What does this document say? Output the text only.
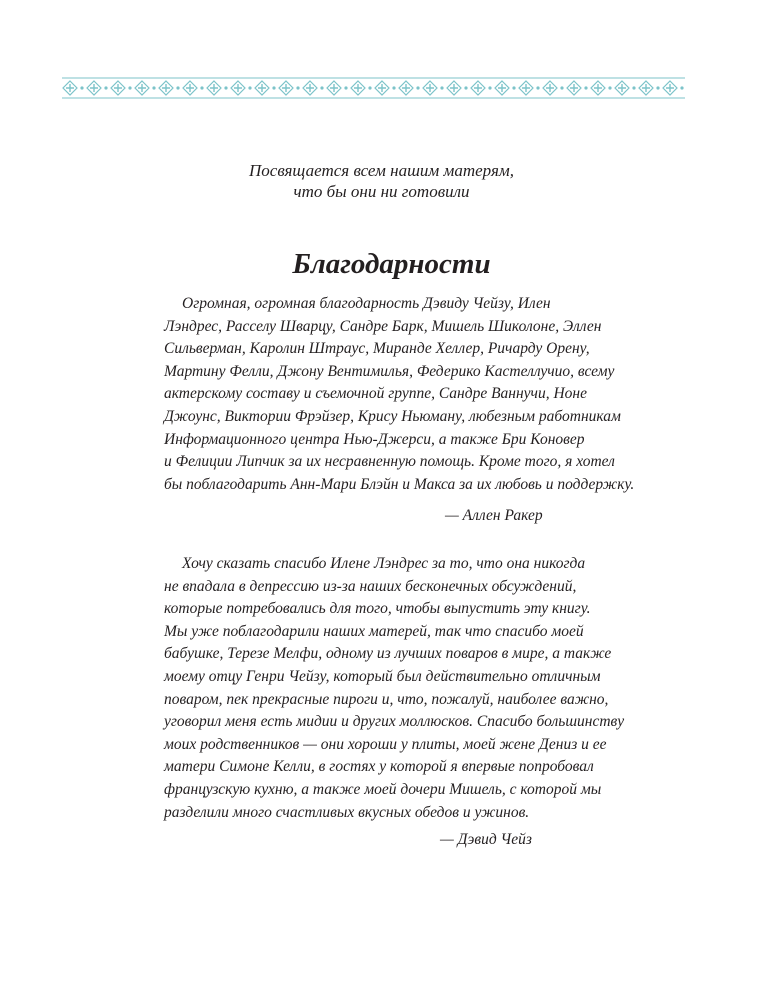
Посвящается всем нашим матерям,
что бы они ни готовили
Благодарности
Огромная, огромная благодарность Дэвиду Чейзу, Илен
Лэндрес, Расселу Шварцу, Сандре Барк, Мишель Шиколоне, Эллен
Сильверман, Каролин Штраус, Миранде Хеллер, Ричарду Орену,
Мартину Фелли, Джону Вентимилья, Федерико Кастеллучио, всему
актерскому составу и съемочной группе, Сандре Ваннучи, Ноне
Джоунс, Виктории Фрэйзер, Крису Ньюману, любезным работникам
Информационного центра Нью-Джерси, а также Бри Коновер
и Фелиции Липчик за их несравненную помощь. Кроме того, я хотел
бы поблагодарить Анн-Мари Блэйн и Макса за их любовь и поддержку.
— Аллен Ракер
Хочу сказать спасибо Илене Лэндрес за то, что она никогда
не впадала в депрессию из-за наших бесконечных обсуждений,
которые потребовались для того, чтобы выпустить эту книгу.
Мы уже поблагодарили наших матерей, так что спасибо моей
бабушке, Терезе Мелфи, одному из лучших поваров в мире, а также
моему отцу Генри Чейзу, который был действительно отличным
поваром, пек прекрасные пироги и, что, пожалуй, наиболее важно,
уговорил меня есть мидии и других моллюсков. Спасибо большинству
моих родственников — они хороши у плиты, моей жене Дениз и ее
матери Симоне Келли, в гостях у которой я впервые попробовал
французскую кухню, а также моей дочери Мишель, с которой мы
разделили много счастливых вкусных обедов и ужинов.
— Дэвид Чейз
